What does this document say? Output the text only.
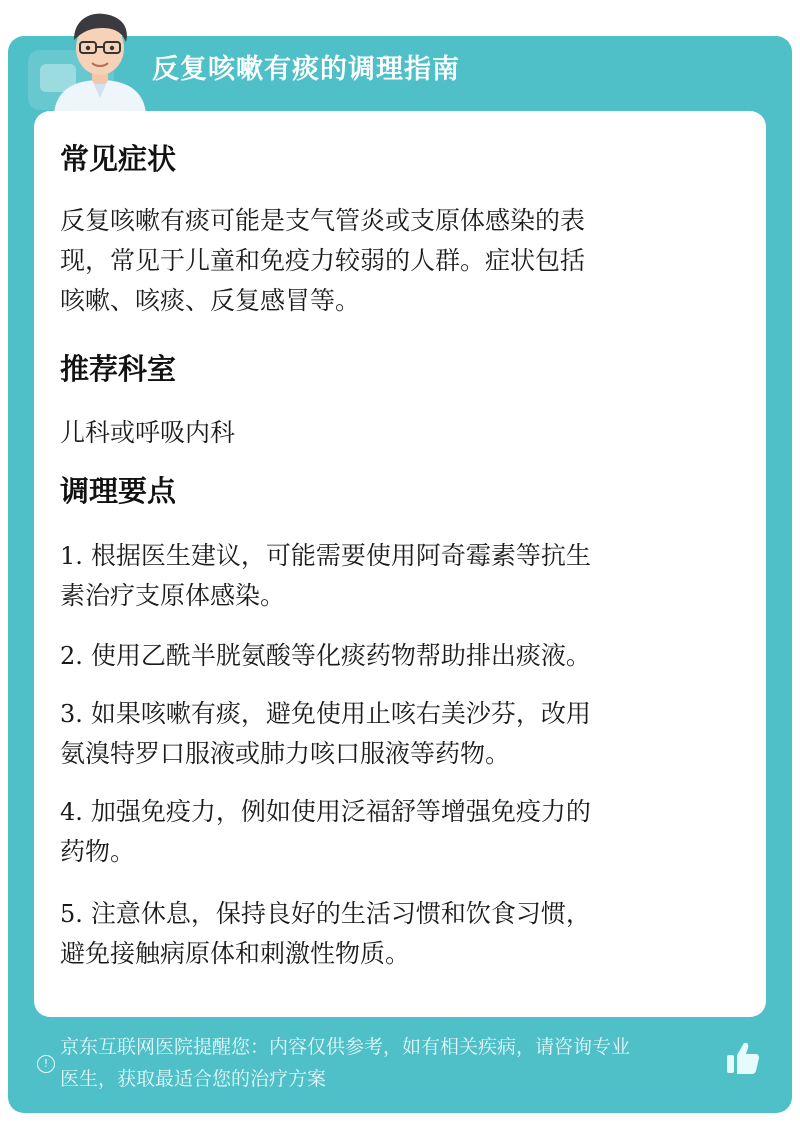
反复咳嗽有痰的调理指南
常见症状
反复咳嗽有痰可能是支气管炎或支原体感染的表
现，常见于儿童和免疫力较弱的人群。症状包括
咳嗽、咳痰、反复感冒等。
推荐科室
儿科或呼吸内科
调理要点
1. 根据医生建议，可能需要使用阿奇霉素等抗生
素治疗支原体感染。
2. 使用乙酰半胱氨酸等化痰药物帮助排出痰液。
3. 如果咳嗽有痰，避免使用止咳右美沙芬，改用
氨溴特罗口服液或肺力咳口服液等药物。
4. 加强免疫力，例如使用泛福舒等增强免疫力的
药物。
5. 注意休息，保持良好的生活习惯和饮食习惯，
避免接触病原体和刺激性物质。
!
京东互联网医院提醒您：内容仅供参考，如有相关疾病，请咨询专业
医生，获取最适合您的治疗方案
